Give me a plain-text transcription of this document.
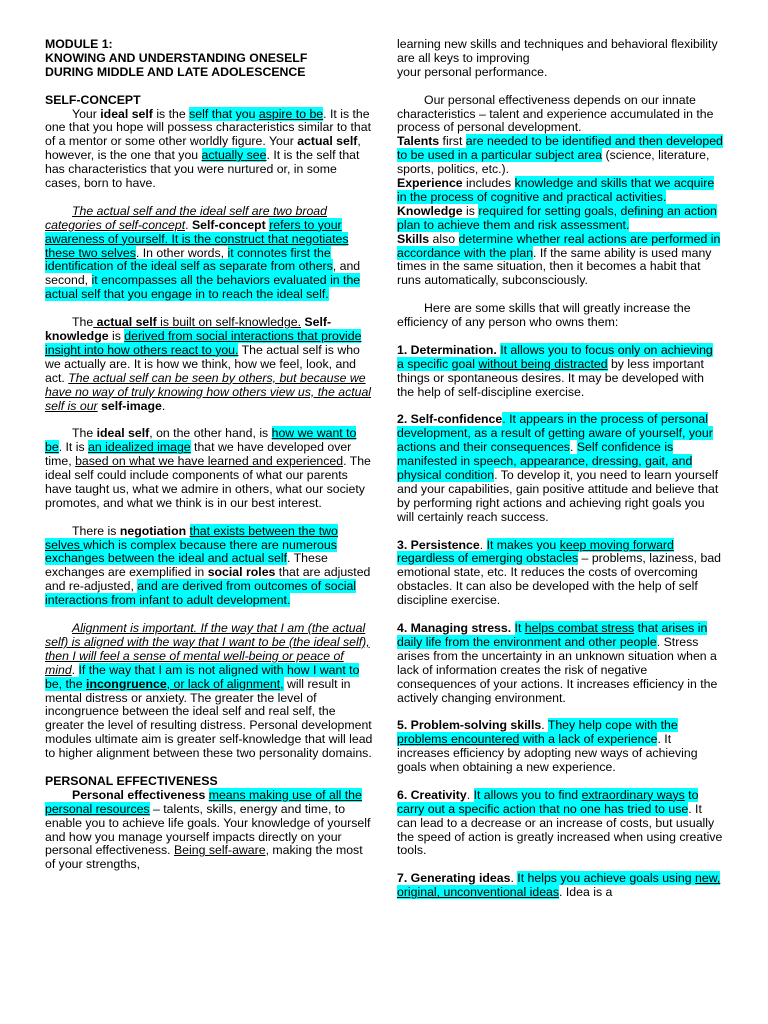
MODULE 1:

KNOWING AND UNDERSTANDING ONESELF

DURING MIDDLE AND LATE ADOLESCENCE

SELF-CONCEPT

Your ideal self is the self that you aspire to be. It is the one that you hope will possess characteristics similar to that of a mentor or some other worldly figure. Your actual self, however, is the one that you actually see. It is the self that has characteristics that you were nurtured or, in some cases, born to have.

The actual self and the ideal self are two broad categories of self-concept. Self-concept refers to your awareness of yourself. It is the construct that negotiates these two selves. In other words, it connotes first the identification of the ideal self as separate from others, and second, it encompasses all the behaviors evaluated in the actual self that you engage in to reach the ideal self.

The actual self is built on self-knowledge. Self-knowledge is derived from social interactions that provide insight into how others react to you. The actual self is who we actually are. It is how we think, how we feel, look, and act. The actual self can be seen by others, but because we have no way of truly knowing how others view us, the actual self is our self-image.

The ideal self, on the other hand, is how we want to be. It is an idealized image that we have developed over time, based on what we have learned and experienced. The ideal self could include components of what our parents have taught us, what we admire in others, what our society promotes, and what we think is in our best interest.

There is negotiation that exists between the two selves which is complex because there are numerous exchanges between the ideal and actual self. These

exchanges are exemplified in social roles that are adjusted and re-adjusted, and are derived from outcomes of social interactions from infant to adult development.

Alignment is important. If the way that I am (the actual self) is aligned with the way that I want to be (the ideal self), then I will feel a sense of mental well-being or peace of mind. If the way that I am is not aligned with how I want to be, the incongruence, or lack of alignment, will result in mental distress or anxiety. The greater the level of incongruence between the ideal self and real self, the greater the level of resulting distress. Personal development modules ultimate aim is greater self-knowledge that will lead to higher alignment between these two personality domains.

PERSONAL EFFECTIVENESS

Personal effectiveness means making use of all the personal resources – talents, skills, energy and time, to enable you to achieve life goals. Your knowledge of yourself and how you manage yourself impacts directly on your personal effectiveness. Being self-aware, making the most of your strengths,

learning new skills and techniques and behavioral flexibility are all keys to improving

your personal performance.

Our personal effectiveness depends on our innate characteristics – talent and experience accumulated in the process of personal development.

Talents first are needed to be identified and then developed to be used in a particular subject area (science, literature, sports, politics, etc.).

Experience includes knowledge and skills that we acquire in the process of cognitive and practical activities.

Knowledge is required for setting goals, defining an action plan to achieve them and risk assessment.

Skills also determine whether real actions are performed in accordance with the plan. If the same ability is used many times in the same situation, then it becomes a habit that runs automatically, subconsciously.

Here are some skills that will greatly increase the efficiency of any person who owns them:

1. Determination. It allows you to focus only on achieving a specific goal without being distracted by less important things or spontaneous desires. It may be developed with the help of self-discipline exercise.

2. Self-confidence. It appears in the process of personal development, as a result of getting aware of yourself, your actions and their consequences. Self confidence is manifested in speech, appearance, dressing, gait, and physical condition. To develop it, you need to learn yourself and your capabilities, gain positive attitude and believe that by performing right actions and achieving right goals you will certainly reach success.

3. Persistence. It makes you keep moving forward regardless of emerging obstacles – problems, laziness, bad emotional state, etc. It reduces the costs of overcoming obstacles. It can also be developed with the help of self discipline exercise.

4. Managing stress. It helps combat stress that arises in daily life from the environment and other people. Stress arises from the uncertainty in an unknown situation when a lack of information creates the risk of negative consequences of your actions. It increases efficiency in the actively changing environment.

5. Problem-solving skills. They help cope with the problems encountered with a lack of experience. It increases efficiency by adopting new ways of achieving goals when obtaining a new experience.

6. Creativity. It allows you to find extraordinary ways to carry out a specific action that no one has tried to use. It can lead to a decrease or an increase of costs, but usually the speed of action is greatly increased when using creative tools.

7. Generating ideas. It helps you achieve goals using new, original, unconventional ideas. Idea is a
